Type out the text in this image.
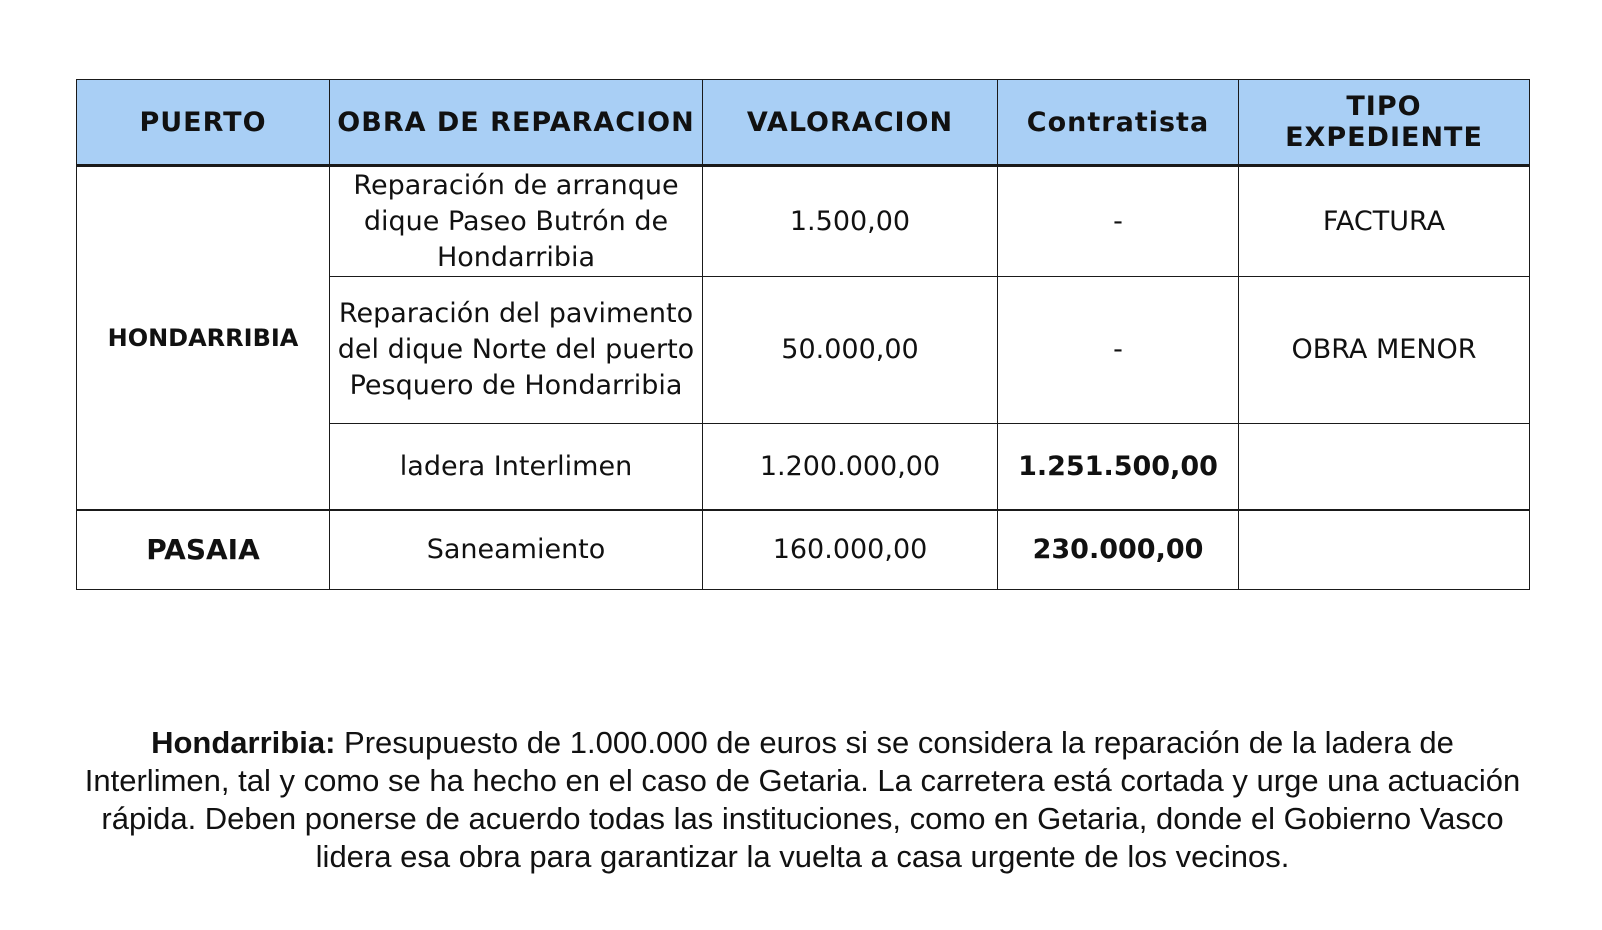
PUERTO	OBRA DE REPARACION	VALORACION	Contratista	TIPO EXPEDIENTE
HONDARRIBIA	Reparación de arranque dique Paseo Butrón de Hondarribia	1.500,00	-	FACTURA
	Reparación del pavimento del dique Norte del puerto Pesquero de Hondarribia	50.000,00	-	OBRA MENOR
	ladera Interlimen	1.200.000,00	1.251.500,00	
PASAIA	Saneamiento	160.000,00	230.000,00	

Hondarribia: Presupuesto de 1.000.000 de euros si se considera la reparación de la ladera de Interlimen, tal y como se ha hecho en el caso de Getaria. La carretera está cortada y urge una actuación rápida. Deben ponerse de acuerdo todas las instituciones, como en Getaria, donde el Gobierno Vasco lidera esa obra para garantizar la vuelta a casa urgente de los vecinos.
